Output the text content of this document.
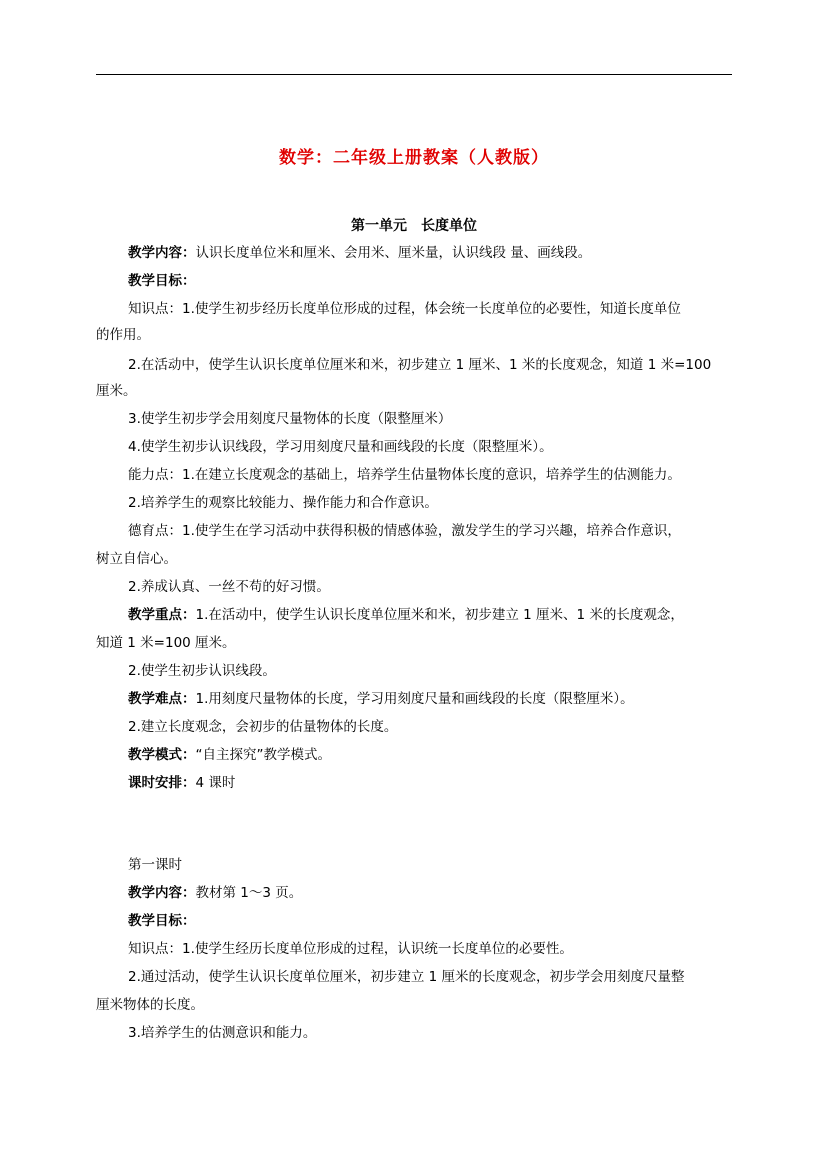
数学：二年级上册教案（人教版）
第一单元　长度单位
教学内容：认识长度单位米和厘米、会用米、厘米量，认识线段 量、画线段。
教学目标：
知识点：1.使学生初步经历长度单位形成的过程，体会统一长度单位的必要性，知道长度单位
的作用。
2.在活动中，使学生认识长度单位厘米和米，初步建立 1 厘米、1 米的长度观念，知道 1 米=100
厘米。
3.使学生初步学会用刻度尺量物体的长度（限整厘米）
4.使学生初步认识线段，学习用刻度尺量和画线段的长度（限整厘米）。
能力点：1.在建立长度观念的基础上，培养学生估量物体长度的意识，培养学生的估测能力。
2.培养学生的观察比较能力、操作能力和合作意识。
德育点：1.使学生在学习活动中获得积极的情感体验，激发学生的学习兴趣，培养合作意识，
树立自信心。
2.养成认真、一丝不苟的好习惯。
教学重点：1.在活动中，使学生认识长度单位厘米和米，初步建立 1 厘米、1 米的长度观念，
知道 1 米=100 厘米。
2.使学生初步认识线段。
教学难点：1.用刻度尺量物体的长度，学习用刻度尺量和画线段的长度（限整厘米）。
2.建立长度观念，会初步的估量物体的长度。
教学模式：“自主探究”教学模式。
课时安排：4 课时
第一课时
教学内容：教材第 1～3 页。
教学目标：
知识点：1.使学生经历长度单位形成的过程，认识统一长度单位的必要性。
2.通过活动，使学生认识长度单位厘米，初步建立 1 厘米的长度观念，初步学会用刻度尺量整
厘米物体的长度。
3.培养学生的估测意识和能力。
